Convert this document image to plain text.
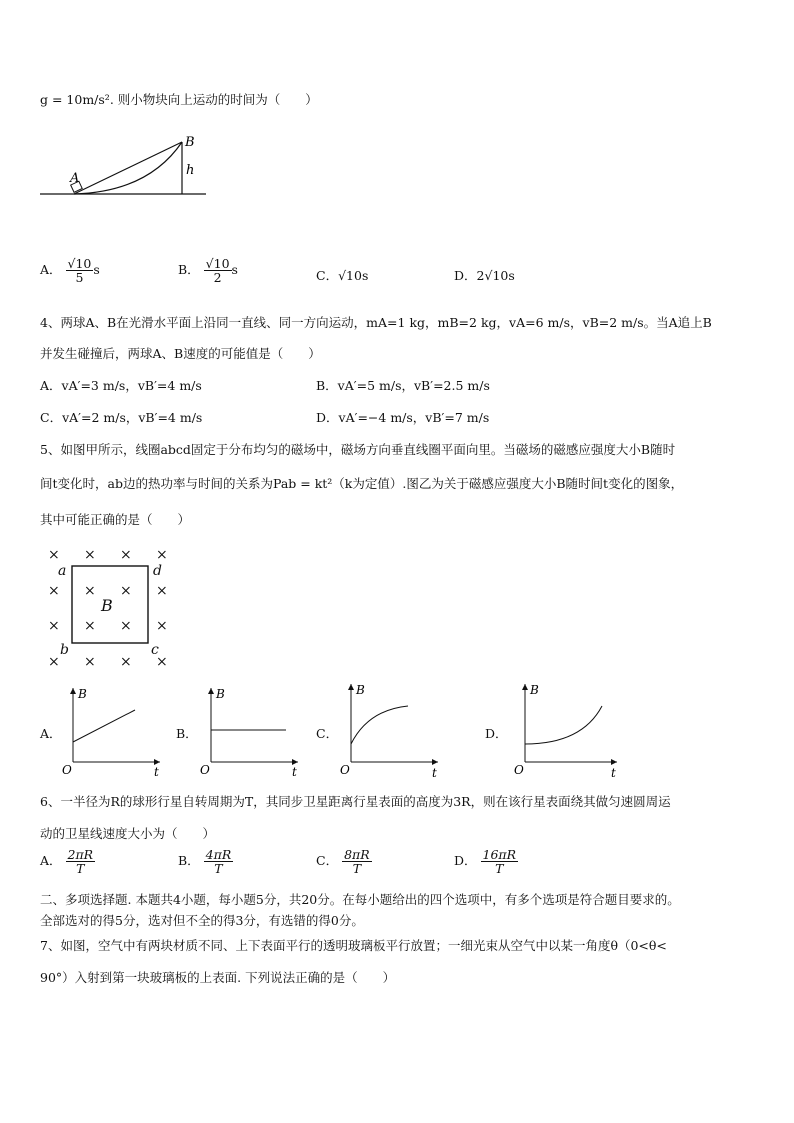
g = 10m/s². 则小物块向上运动的时间为（　　）
A
B
h
A． $\frac{√10}{5}$ s	B． $\frac{√10}{2}$ s	C．√10s	D．2√10s
4、两球A、B在光滑水平面上沿同一直线、同一方向运动，mA=1 kg，mB=2 kg，vA=6 m/s，vB=2 m/s。当A追上B
并发生碰撞后，两球A、B速度的可能值是（　　）
A．vA′=3 m/s，vB′=4 m/s	B．vA′=5 m/s，vB′=2.5 m/s
C．vA′=2 m/s，vB′=4 m/s	D．vA′=−4 m/s，vB′=7 m/s
5、如图甲所示，线圈abcd固定于分布均匀的磁场中，磁场方向垂直线圈平面向里。当磁场的磁感应强度大小B随时
间t变化时，ab边的热功率与时间的关系为Pab = kt²（k为定值）.图乙为关于磁感应强度大小B随时间t变化的图象，
其中可能正确的是（　　）
× × × ×
× × × ×
× × × ×
× × × ×
a	d
b	c
B
A．
B
O	t
B．
B
O	t
C．
B
O	t
D．
B
O	t
6、一半径为R的球形行星自转周期为T，其同步卫星距离行星表面的高度为3R，则在该行星表面绕其做匀速圆周运
动的卫星线速度大小为（　　）
A． $\frac{2\pi R}{T}$	B． $\frac{4\pi R}{T}$	C． $\frac{8\pi R}{T}$	D． $\frac{16\pi R}{T}$
二、多项选择题. 本题共4小题，每小题5分，共20分。在每小题给出的四个选项中，有多个选项是符合题目要求的。
全部选对的得5分，选对但不全的得3分，有选错的得0分。
7、如图，空气中有两块材质不同、上下表面平行的透明玻璃板平行放置；一细光束从空气中以某一角度θ（0<θ<
90°）入射到第一块玻璃板的上表面. 下列说法正确的是（　　）
